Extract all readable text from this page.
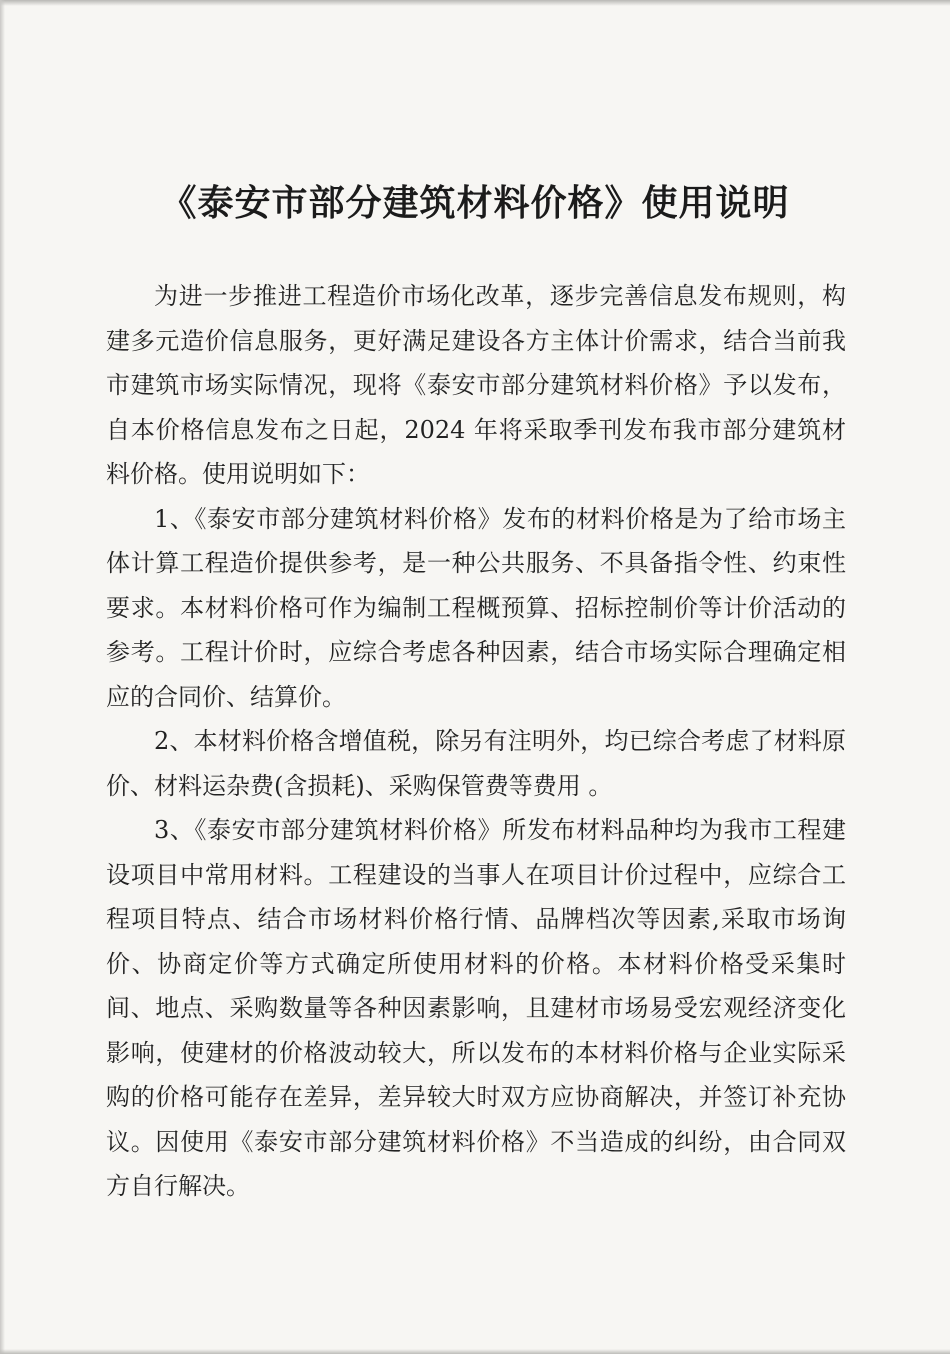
《泰安市部分建筑材料价格》使用说明

为进一步推进工程造价市场化改革，逐步完善信息发布规则，构建多元造价信息服务，更好满足建设各方主体计价需求，结合当前我市建筑市场实际情况，现将《泰安市部分建筑材料价格》予以发布，自本价格信息发布之日起，2024 年将采取季刊发布我市部分建筑材料价格。使用说明如下：

1、《泰安市部分建筑材料价格》发布的材料价格是为了给市场主体计算工程造价提供参考，是一种公共服务、不具备指令性、约束性要求。本材料价格可作为编制工程概预算、招标控制价等计价活动的参考。工程计价时，应综合考虑各种因素，结合市场实际合理确定相应的合同价、结算价。

2、本材料价格含增值税，除另有注明外，均已综合考虑了材料原价、材料运杂费(含损耗)、采购保管费等费用 。

3、《泰安市部分建筑材料价格》所发布材料品种均为我市工程建设项目中常用材料。工程建设的当事人在项目计价过程中，应综合工程项目特点、结合市场材料价格行情、品牌档次等因素,采取市场询价、协商定价等方式确定所使用材料的价格。本材料价格受采集时间、地点、采购数量等各种因素影响，且建材市场易受宏观经济变化影响，使建材的价格波动较大，所以发布的本材料价格与企业实际采购的价格可能存在差异，差异较大时双方应协商解决，并签订补充协议。因使用《泰安市部分建筑材料价格》不当造成的纠纷，由合同双方自行解决。
